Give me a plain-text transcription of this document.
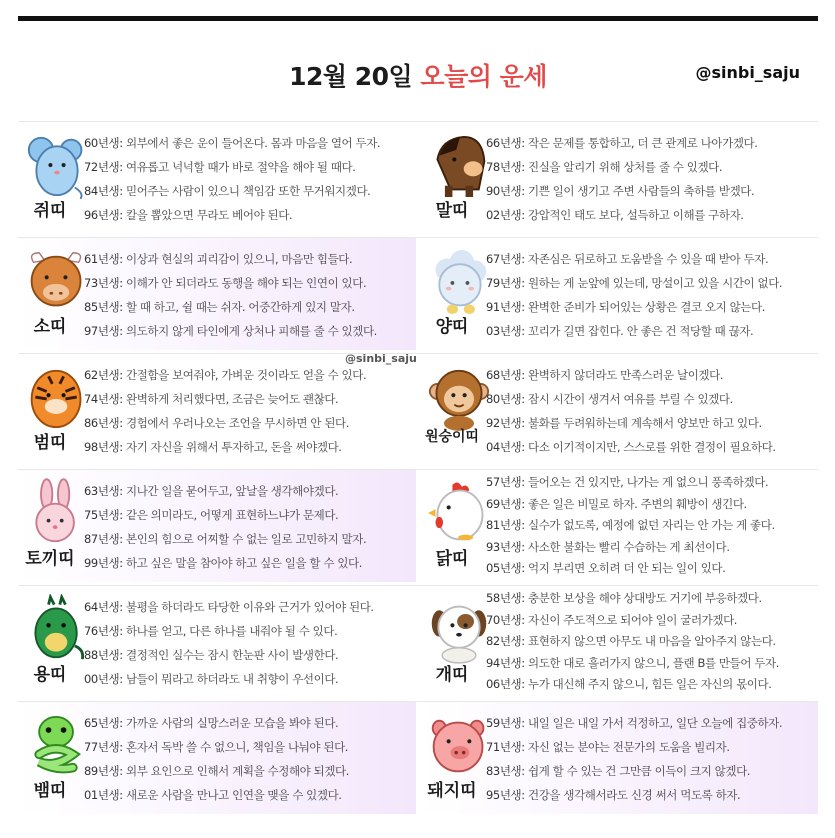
12월 20일 오늘의 운세	@sinbi_saju
쥐띠
60년생: 외부에서 좋은 운이 들어온다. 몸과 마음을 열어 두자.
72년생: 여유롭고 넉넉할 때가 바로 절약을 해야 될 때다.
84년생: 믿어주는 사람이 있으니 책임감 또한 무거워지겠다.
96년생: 칼을 뽑았으면 무라도 베어야 된다.	말띠
66년생: 작은 문제를 통합하고, 더 큰 관계로 나아가겠다.
78년생: 진실을 알리기 위해 상처를 줄 수 있겠다.
90년생: 기쁜 일이 생기고 주변 사람들의 축하를 받겠다.
02년생: 강압적인 태도 보다, 설득하고 이해를 구하자.
소띠
61년생: 이상과 현실의 괴리감이 있으니, 마음만 힘들다.
73년생: 이해가 안 되더라도 동행을 해야 되는 인연이 있다.
85년생: 할 때 하고, 쉴 때는 쉬자. 어중간하게 있지 말자.
97년생: 의도하지 않게 타인에게 상처나 피해를 줄 수 있겠다.	양띠
67년생: 자존심은 뒤로하고 도움받을 수 있을 때 받아 두자.
79년생: 원하는 게 눈앞에 있는데, 망설이고 있을 시간이 없다.
91년생: 완벽한 준비가 되어있는 상황은 결코 오지 않는다.
03년생: 꼬리가 길면 잡힌다. 안 좋은 건 적당할 때 끊자.
범띠
62년생: 간절함을 보여줘야, 가벼운 것이라도 얻을 수 있다.
74년생: 완벽하게 처리했다면, 조금은 늦어도 괜찮다.
86년생: 경험에서 우러나오는 조언을 무시하면 안 된다.
98년생: 자기 자신을 위해서 투자하고, 돈을 써야겠다.
원숭이띠
68년생: 완벽하지 않더라도 만족스러운 날이겠다.
80년생: 잠시 시간이 생겨서 여유를 부릴 수 있겠다.
92년생: 불화를 두려워하는데 계속해서 양보만 하고 있다.
04년생: 다소 이기적이지만, 스스로를 위한 결정이 필요하다.
토끼띠
63년생: 지나간 일을 묻어두고, 앞날을 생각해야겠다.
75년생: 같은 의미라도, 어떻게 표현하느냐가 문제다.
87년생: 본인의 힘으로 어찌할 수 없는 일로 고민하지 말자.
99년생: 하고 싶은 말을 참아야 하고 싶은 일을 할 수 있다.	닭띠
57년생: 들어오는 건 있지만, 나가는 게 없으니 풍족하겠다.
69년생: 좋은 일은 비밀로 하자. 주변의 훼방이 생긴다.
81년생: 실수가 없도록, 예정에 없던 자리는 안 가는 게 좋다.
93년생: 사소한 불화는 빨리 수습하는 게 최선이다.
05년생: 억지 부리면 오히려 더 안 되는 일이 있다.
용띠
64년생: 불평을 하더라도 타당한 이유와 근거가 있어야 된다.
76년생: 하나를 얻고, 다른 하나를 내줘야 될 수 있다.
88년생: 결정적인 실수는 잠시 한눈판 사이 발생한다.
00년생: 남들이 뭐라고 하더라도 내 취향이 우선이다.	개띠
58년생: 충분한 보상을 해야 상대방도 거기에 부응하겠다.
70년생: 자신이 주도적으로 되어야 일이 굴러가겠다.
82년생: 표현하지 않으면 아무도 내 마음을 알아주지 않는다.
94년생: 의도한 대로 흘러가지 않으니, 플랜 B를 만들어 두자.
06년생: 누가 대신해 주지 않으니, 힘든 일은 자신의 몫이다.
뱀띠
65년생: 가까운 사람의 실망스러운 모습을 봐야 된다.
77년생: 혼자서 독박 쓸 수 없으니, 책임을 나눠야 된다.
89년생: 외부 요인으로 인해서 계획을 수정해야 되겠다.
01년생: 새로운 사람을 만나고 인연을 맺을 수 있겠다.	돼지띠
59년생: 내일 일은 내일 가서 걱정하고, 일단 오늘에 집중하자.
71년생: 자신 없는 분야는 전문가의 도움을 빌리자.
83년생: 쉽게 할 수 있는 건 그만큼 이득이 크지 않겠다.
95년생: 건강을 생각해서라도 신경 써서 먹도록 하자.
@sinbi_saju
